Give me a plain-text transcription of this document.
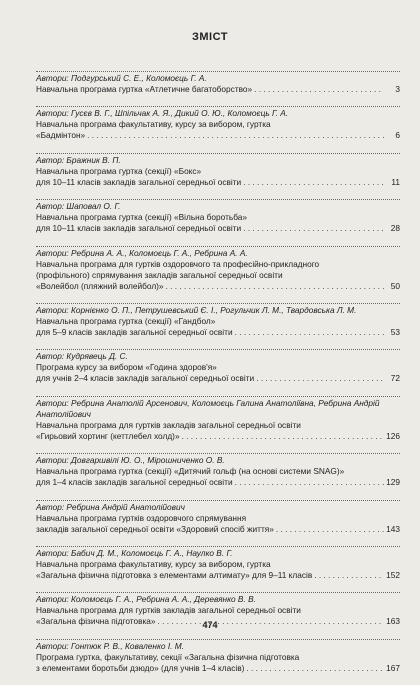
ЗМІСТ
Автори: Подгурський С. Е., Коломоєць Г. А.
Навчальна програма гуртка «Атлетичне багатоборство» . . .	3
Автори: Гусєв В. Г., Шпільчак А. Я., Дикий О. Ю., Коломоєць Г. А.
Навчальна програма факультативу, курсу за вибором, гуртка
«Бадмінтон» . . .	6
Автор: Бражник В. П.
Навчальна програма гуртка (секції) «Бокс»
для 10–11 класів закладів загальної середньої освіти . . .	11
Автор: Шаповал О. Г.
Навчальна програма гуртка (секції) «Вільна боротьба»
для 10–11 класів закладів загальної середньої освіти . . .	28
Автори: Ребрина А. А., Коломоєць Г. А., Ребрина А. А.
Навчальна програма для гуртків оздоровчого та професійно-прикладного
(профільного) спрямування закладів загальної середньої освіти
«Волейбол (пляжний волейбол)» . . .	50
Автори: Корнієнко О. П., Петрушевський Є. І., Рогульчик Л. М., Твардовська Л. М.
Навчальна програма гуртка (секції) «Гандбол»
для 5–9 класів закладів загальної середньої освіти . . .	53
Автор: Кудрявець Д. С.
Програма курсу за вибором «Година здоров'я»
для учнів 2–4 класів закладів загальної середньої освіти . . .	72
Автори: Ребрина Анатолій Арсенович, Коломоєць Галина Анатоліївна, Ребрина Андрій Анатолійович
Навчальна програма для гуртків закладів загальної середньої освіти
«Гирьовий хортинг (кеттлебел холд)» . . .	126
Автори: Довгаршвілі Ю. О., Мірошниченко О. В.
Навчальна програма гуртка (секції) «Дитячий гольф (на основі системи SNAG)»
для 1–4 класів закладів загальної середньої освіти . . .	129
Автор: Ребрина Андрій Анатолійович
Навчальна програма гуртків оздоровчого спрямування
закладів загальної середньої освіти «Здоровий спосіб життя» . . .	143
Автори: Бабич Д. М., Коломоєць Г. А., Наулко В. Г.
Навчальна програма факультативу, курсу за вибором, гуртка
«Загальна фізична підготовка з елементами алтимату» для 9–11 класів . . .	152
Автори: Коломоєць Г. А., Ребрина А. А., Деревянко В. В.
Навчальна програма для гуртків закладів загальної середньої освіти
«Загальна фізична підготовка» . . .	163
Автори: Гонтюк Р. В., Коваленко І. М.
Програма гуртка, факультативу, секції «Загальна фізична підготовка
з елементами боротьби дзюдо» (для учнів 1–4 класів) . . .	167
474
